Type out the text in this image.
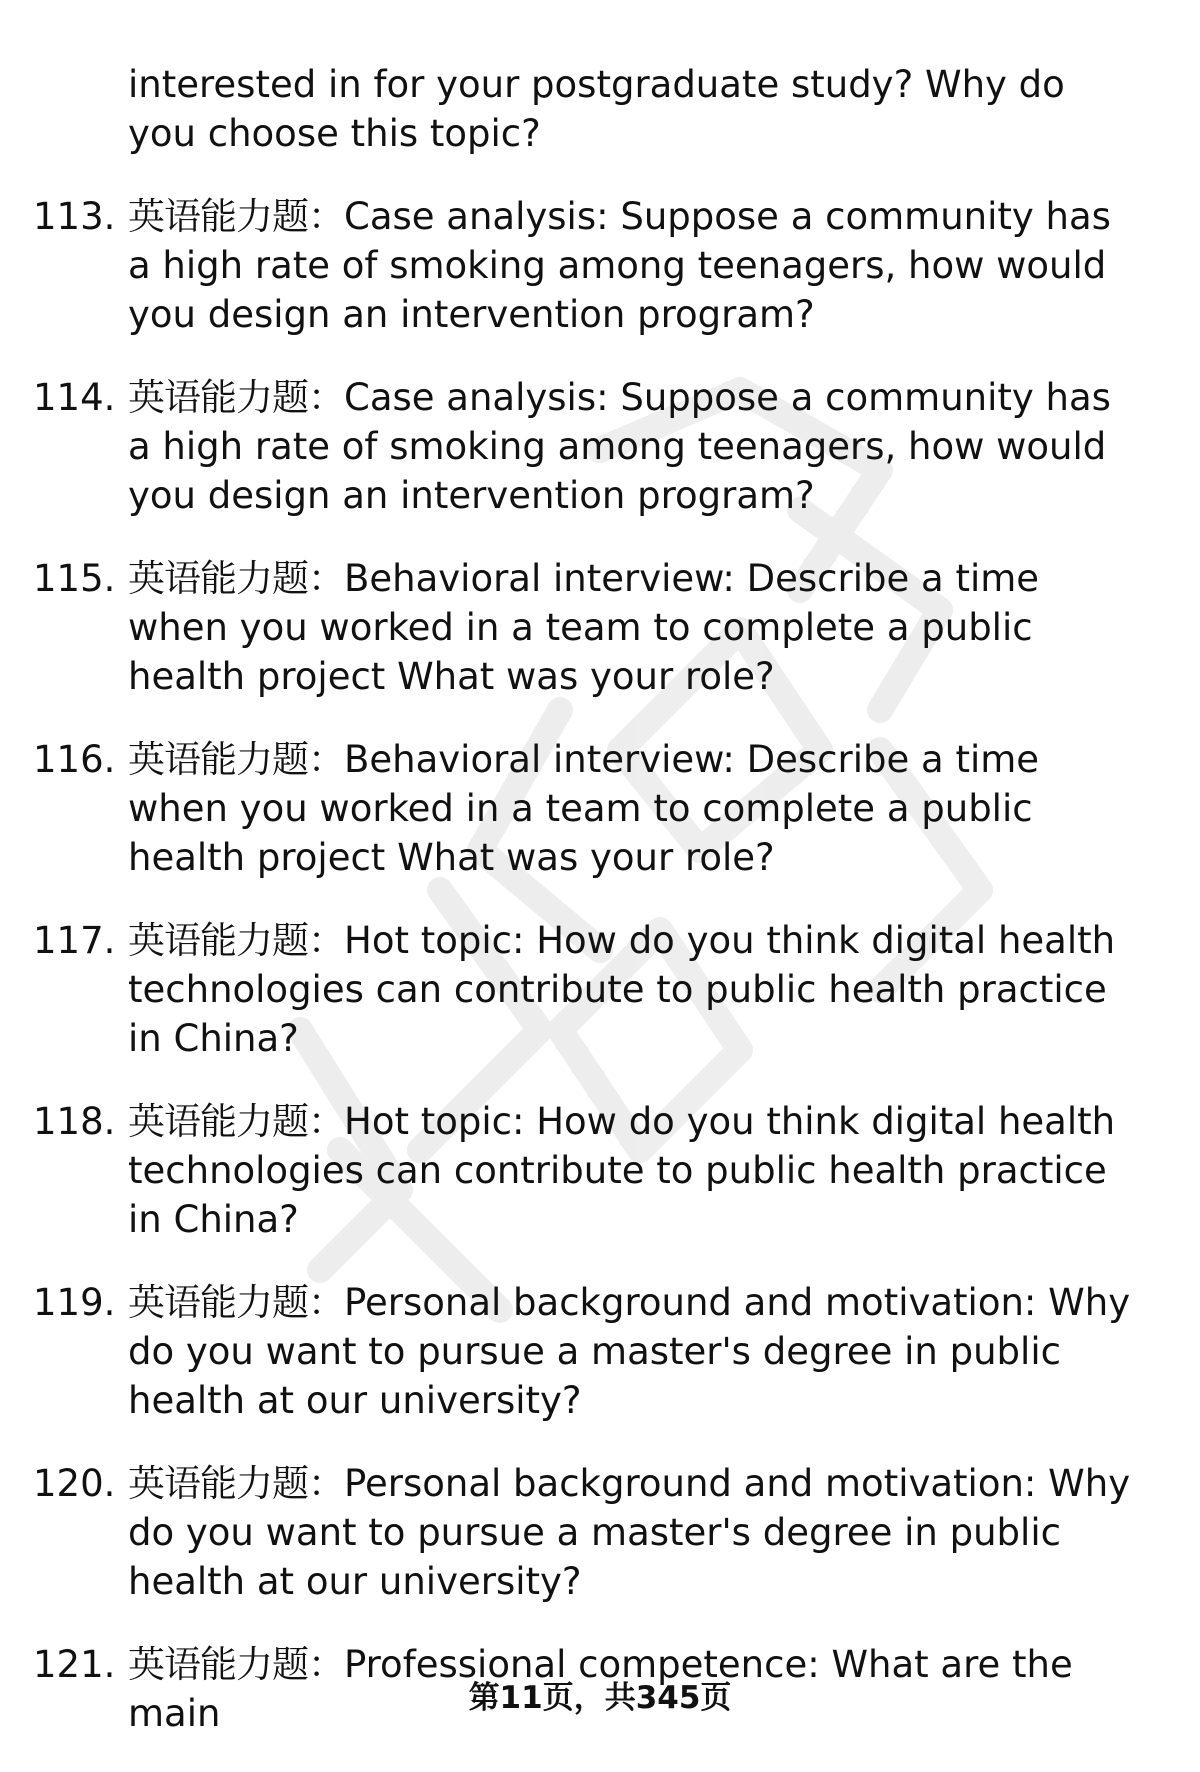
interested in for your postgraduate study? Why do you choose this topic?
113. 英语能力题：Case analysis: Suppose a community has a high rate of smoking among teenagers, how would you design an intervention program?
114. 英语能力题：Case analysis: Suppose a community has a high rate of smoking among teenagers, how would you design an intervention program?
115. 英语能力题：Behavioral interview: Describe a time when you worked in a team to complete a public health project What was your role?
116. 英语能力题：Behavioral interview: Describe a time when you worked in a team to complete a public health project What was your role?
117. 英语能力题：Hot topic: How do you think digital health technologies can contribute to public health practice in China?
118. 英语能力题：Hot topic: How do you think digital health technologies can contribute to public health practice in China?
119. 英语能力题：Personal background and motivation: Why do you want to pursue a master's degree in public health at our university?
120. 英语能力题：Personal background and motivation: Why do you want to pursue a master's degree in public health at our university?
121. 英语能力题：Professional competence: What are the main	第11页，共345页
